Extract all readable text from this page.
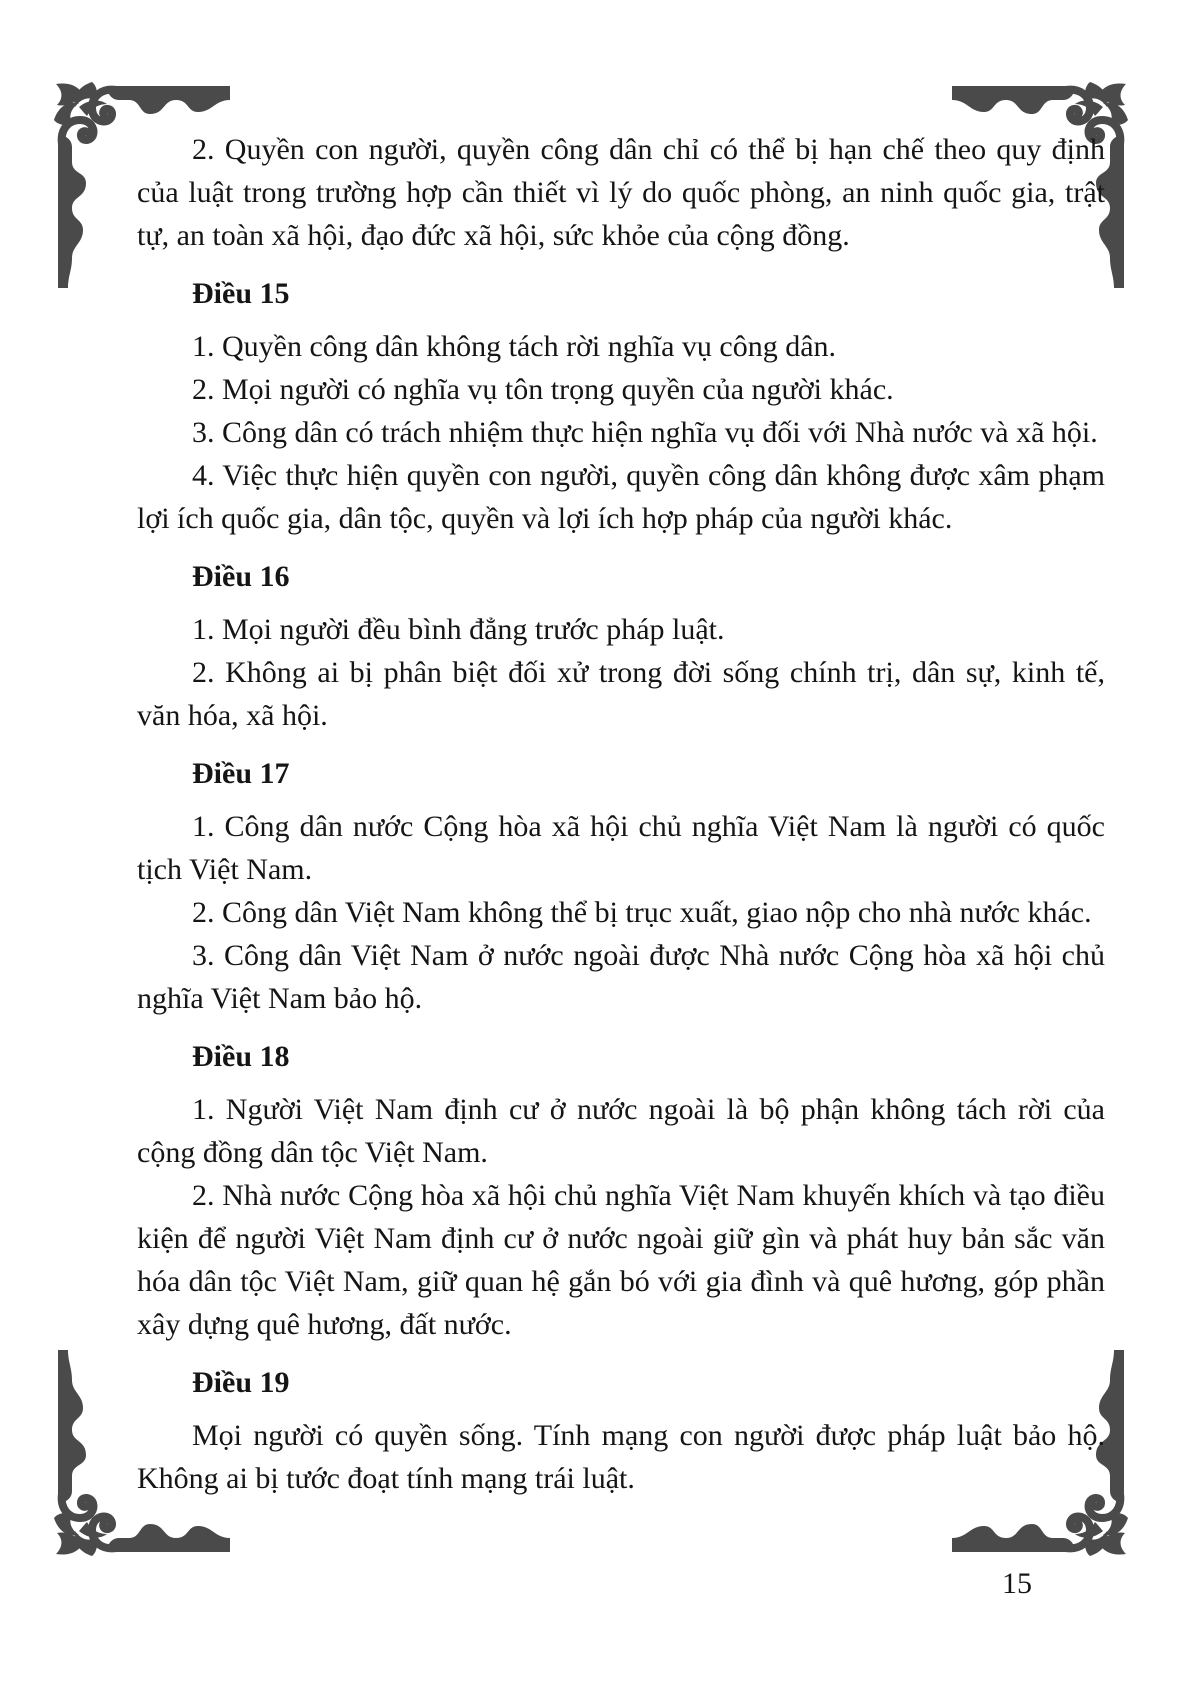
2. Quyền con người, quyền công dân chỉ có thể bị hạn chế theo quy định của luật trong trường hợp cần thiết vì lý do quốc phòng, an ninh quốc gia, trật tự, an toàn xã hội, đạo đức xã hội, sức khỏe của cộng đồng.

Điều 15

1. Quyền công dân không tách rời nghĩa vụ công dân.

2. Mọi người có nghĩa vụ tôn trọng quyền của người khác.

3. Công dân có trách nhiệm thực hiện nghĩa vụ đối với Nhà nước và xã hội.

4. Việc thực hiện quyền con người, quyền công dân không được xâm phạm lợi ích quốc gia, dân tộc, quyền và lợi ích hợp pháp của người khác.

Điều 16

1. Mọi người đều bình đẳng trước pháp luật.

2. Không ai bị phân biệt đối xử trong đời sống chính trị, dân sự, kinh tế, văn hóa, xã hội.

Điều 17

1. Công dân nước Cộng hòa xã hội chủ nghĩa Việt Nam là người có quốc tịch Việt Nam.

2. Công dân Việt Nam không thể bị trục xuất, giao nộp cho nhà nước khác.

3. Công dân Việt Nam ở nước ngoài được Nhà nước Cộng hòa xã hội chủ nghĩa Việt Nam bảo hộ.

Điều 18

1. Người Việt Nam định cư ở nước ngoài là bộ phận không tách rời của cộng đồng dân tộc Việt Nam.

2. Nhà nước Cộng hòa xã hội chủ nghĩa Việt Nam khuyến khích và tạo điều kiện để người Việt Nam định cư ở nước ngoài giữ gìn và phát huy bản sắc văn hóa dân tộc Việt Nam, giữ quan hệ gắn bó với gia đình và quê hương, góp phần xây dựng quê hương, đất nước.

Điều 19

Mọi người có quyền sống. Tính mạng con người được pháp luật bảo hộ. Không ai bị tước đoạt tính mạng trái luật.

15
